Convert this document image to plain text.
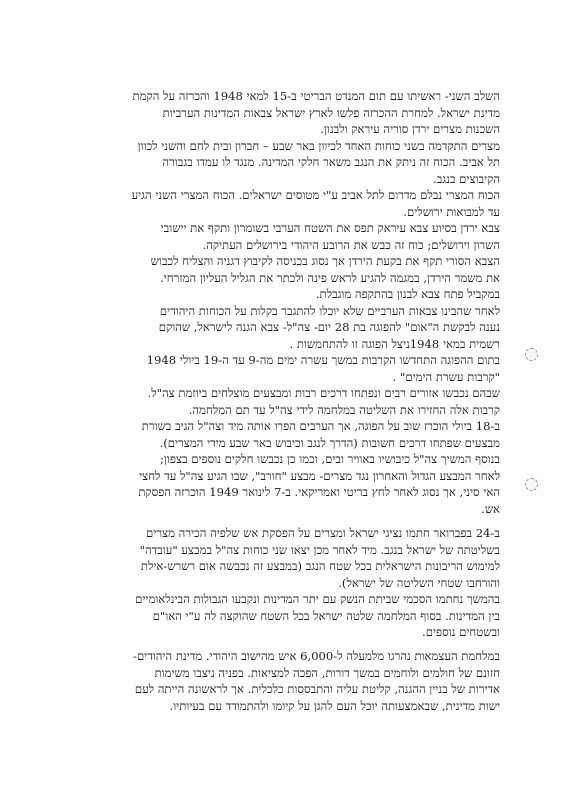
השלב השני- ראשיתו עם תום המנדט הבריטי ב-15 למאי 1948 והכרזה על הקמת
מדינת ישראל. למחרת ההכרזה פלשו לארץ ישראל צבאות המדינות הערביות
השכנות מצרים ירדן סוריה עיראק ולבנון.
מצרים התקדמה בשני כוחות האחד לכיוון באר שבע – חברון ובית לחם והשני לכוון
תל אביב. הכוח זה ניתק את הנגב משאר חלקי המדינה. מנגד לו עמדו בגבורה
הקיבוצים בנגב.
הכוח המצרי נבלם מדרום לתל אביב ע"י מטוסים ישראלים. הכוח המצרי השני הגיע
עד למבואות ירושלים.
צבא ירדן בסיוע צבא עיראק תפס את השטח הערבי בשומרון ותקף את יישובי
השרון וירושלים; כוח זה כבש את הרובע היהודי בירושלים העתיקה.
הצבא הסורי תקף את בקעת הירדן אך נסוג בכניסה לקיבוץ דגניה והצליח לכבוש
את משמר הירדן, במגמה להגיע לראש פינה ולכתר את הגליל העליון המזרחי.
במקביל פתח צבא לבנון בהתקפה מוגבלת.
לאחר שהבינו צבאות הערביים שלא יוכלו להתגבר בקלות על הכוחות היהודים
נענה לבקשת ה"אום" להפוגה בת 28 יום- צה"ל- צבא הגנה לישראל, שהוקם
רשמית במאי 1948ניצל הפוגה זו להתחמשות .
בתום ההפוגה התחדשו הקרבות במשך עשרה ימים מה-9 עד ה-19 ביולי 1948
"קרבות עשרת הימים" .
שבהם נכבשו אזורים רבים ונפתחו דרכים רבות ומבצעים מוצלחים ביוזמת צה"ל.
קרבות אלה החזירו את השליטה במלחמה לידי צה"ל עד תם המלחמה.
ב-18 ביולי הוכרז שוב על הפוגה, אך הערבים הפרו אותה מיד וצה"ל הגיב בשורת
מבצעים שפתחו דרכים חשובות (הדרך לנגב וכיבוש באר שבע מידי המצרים).
בנוסף המשיך צה"ל כיבושיו באוויר ובים, וכמו כן נכבשו חלקים נוספים בצפון;
לאחר המבצע הגדול והאחרון נגד מצרים- מבצע "חורב", שבו הגיע צה"ל עד לחצי
האי סיני, אך נסוג לאחר לחץ בריטי ואמריקאי. ב-7 לינואר 1949 הוכרזה הפסקת
אש.
ב-24 בפברואר חתמו נציגי ישראל ומצרים על הפסקת אש שלפיה הכירה מצרים
בשליטתה של ישראל בנגב. מיד לאחר מכן יצאו שני כוחות צה"ל במבצע "עובדה"
למימוש הריבונות הישראלית בכל שטח הנגב (במבצע זה נכבשה אום רשרש-אילת
והורחבו שטחי השליטה של ישראל).
בהמשך נחתמו הסכמי שביתת הנשק עם יתר המדינות ונקבעו הגבולות הבינלאומיים
בין המדינות. בסוף המלחמה שלטה ישראל בכל השטח שהוקצה לה ע"י האו"ם
ובשטחים נוספים.
במלחמת העצמאות נהרגו מלמעלה ל-6,000 איש מהישוב היהודי. מדינת היהודים-
חזונם של חולמים ולוחמים במשך דורות, הפכה למציאות. בפניה ניצבו משימות
אדירות של בניין ההגנה, קליטת עליה והתבססות כלכלית. אך לראשונה הייתה לעם
ישות מדינית, שבאמצעותה יוכל העם להגן על קיומו ולהתמודד עם בעיותיו.
